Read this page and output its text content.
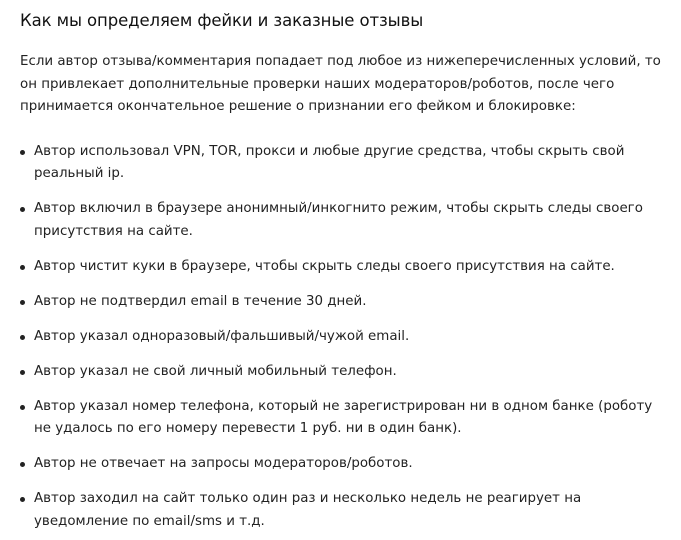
Как мы определяем фейки и заказные отзывы

Если автор отзыва/комментария попадает под любое из нижеперечисленных условий, то он привлекает дополнительные проверки наших модераторов/роботов, после чего принимается окончательное решение о признании его фейком и блокировке:

Автор использовал VPN, TOR, прокси и любые другие средства, чтобы скрыть свой реальный ip.
Автор включил в браузере анонимный/инкогнито режим, чтобы скрыть следы своего присутствия на сайте.
Автор чистит куки в браузере, чтобы скрыть следы своего присутствия на сайте.
Автор не подтвердил email в течение 30 дней.
Автор указал одноразовый/фальшивый/чужой email.
Автор указал не свой личный мобильный телефон.
Автор указал номер телефона, который не зарегистрирован ни в одном банке (роботу не удалось по его номеру перевести 1 руб. ни в один банк).
Автор не отвечает на запросы модераторов/роботов.
Автор заходил на сайт только один раз и несколько недель не реагирует на уведомление по email/sms и т.д.
